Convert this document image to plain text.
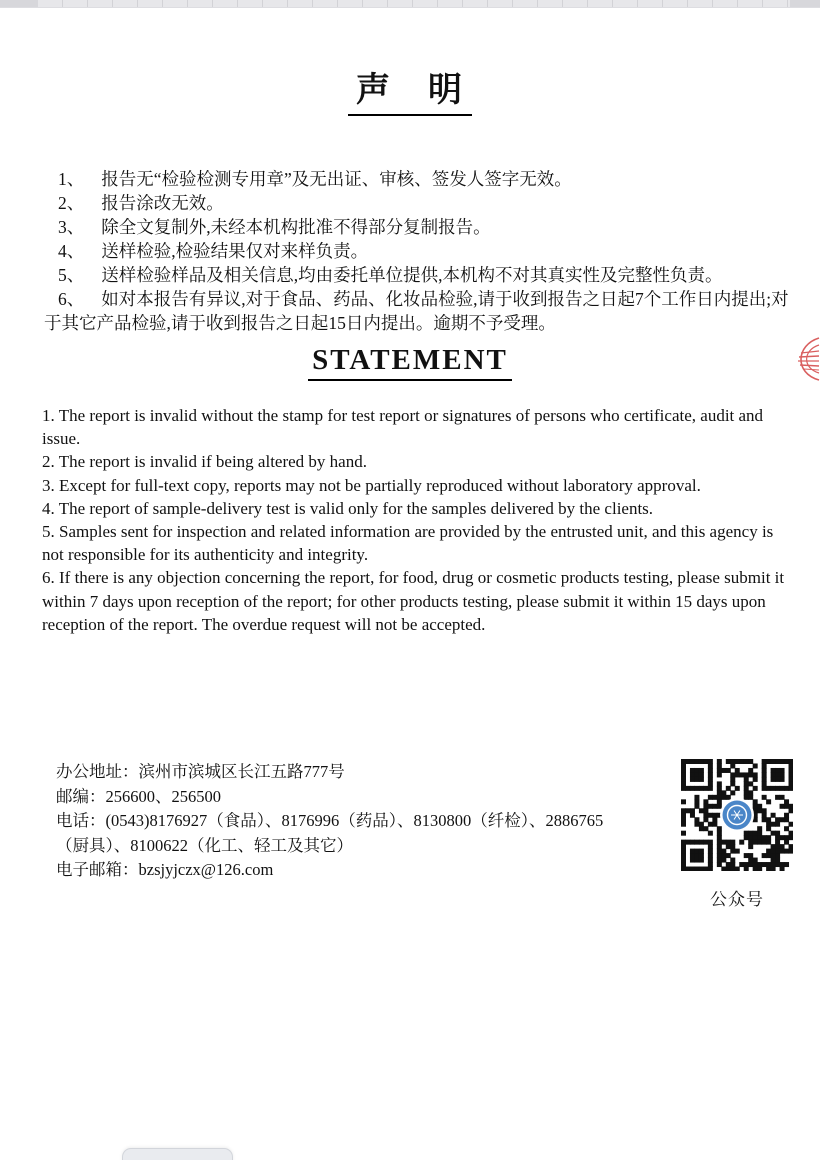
声　明

1、 报告无“检验检测专用章”及无出证、审核、签发人签字无效。

2、 报告涂改无效。

3、 除全文复制外,未经本机构批准不得部分复制报告。

4、 送样检验,检验结果仅对来样负责。

5、 送样检验样品及相关信息,均由委托单位提供,本机构不对其真实性及完整性负责。

6、 如对本报告有异议,对于食品、药品、化妆品检验,请于收到报告之日起7个工作日内提出;对于其它产品检验,请于收到报告之日起15日内提出。逾期不予受理。

STATEMENT

1. The report is invalid without the stamp for test report or signatures of persons who certificate, audit and issue.

2. The report is invalid if being altered by hand.

3. Except for full-text copy, reports may not be partially reproduced without laboratory approval.

4. The report of sample-delivery test is valid only for the samples delivered by the clients.

5. Samples sent for inspection and related information are provided by the entrusted unit, and this agency is not responsible for its authenticity and integrity.

6. If there is any objection concerning the report, for food, drug or cosmetic products testing, please submit it within 7 days upon reception of the report; for other products testing, please submit it within 15 days upon reception of the report. The overdue request will not be accepted.

办公地址：滨州市滨城区长江五路777号
邮编：256600、256500
电话：(0543)8176927（食品）、8176996（药品）、8130800（纤检）、2886765
（厨具）、8100622（化工、轻工及其它）
电子邮箱：bzsjyjczx@126.com
公众号
